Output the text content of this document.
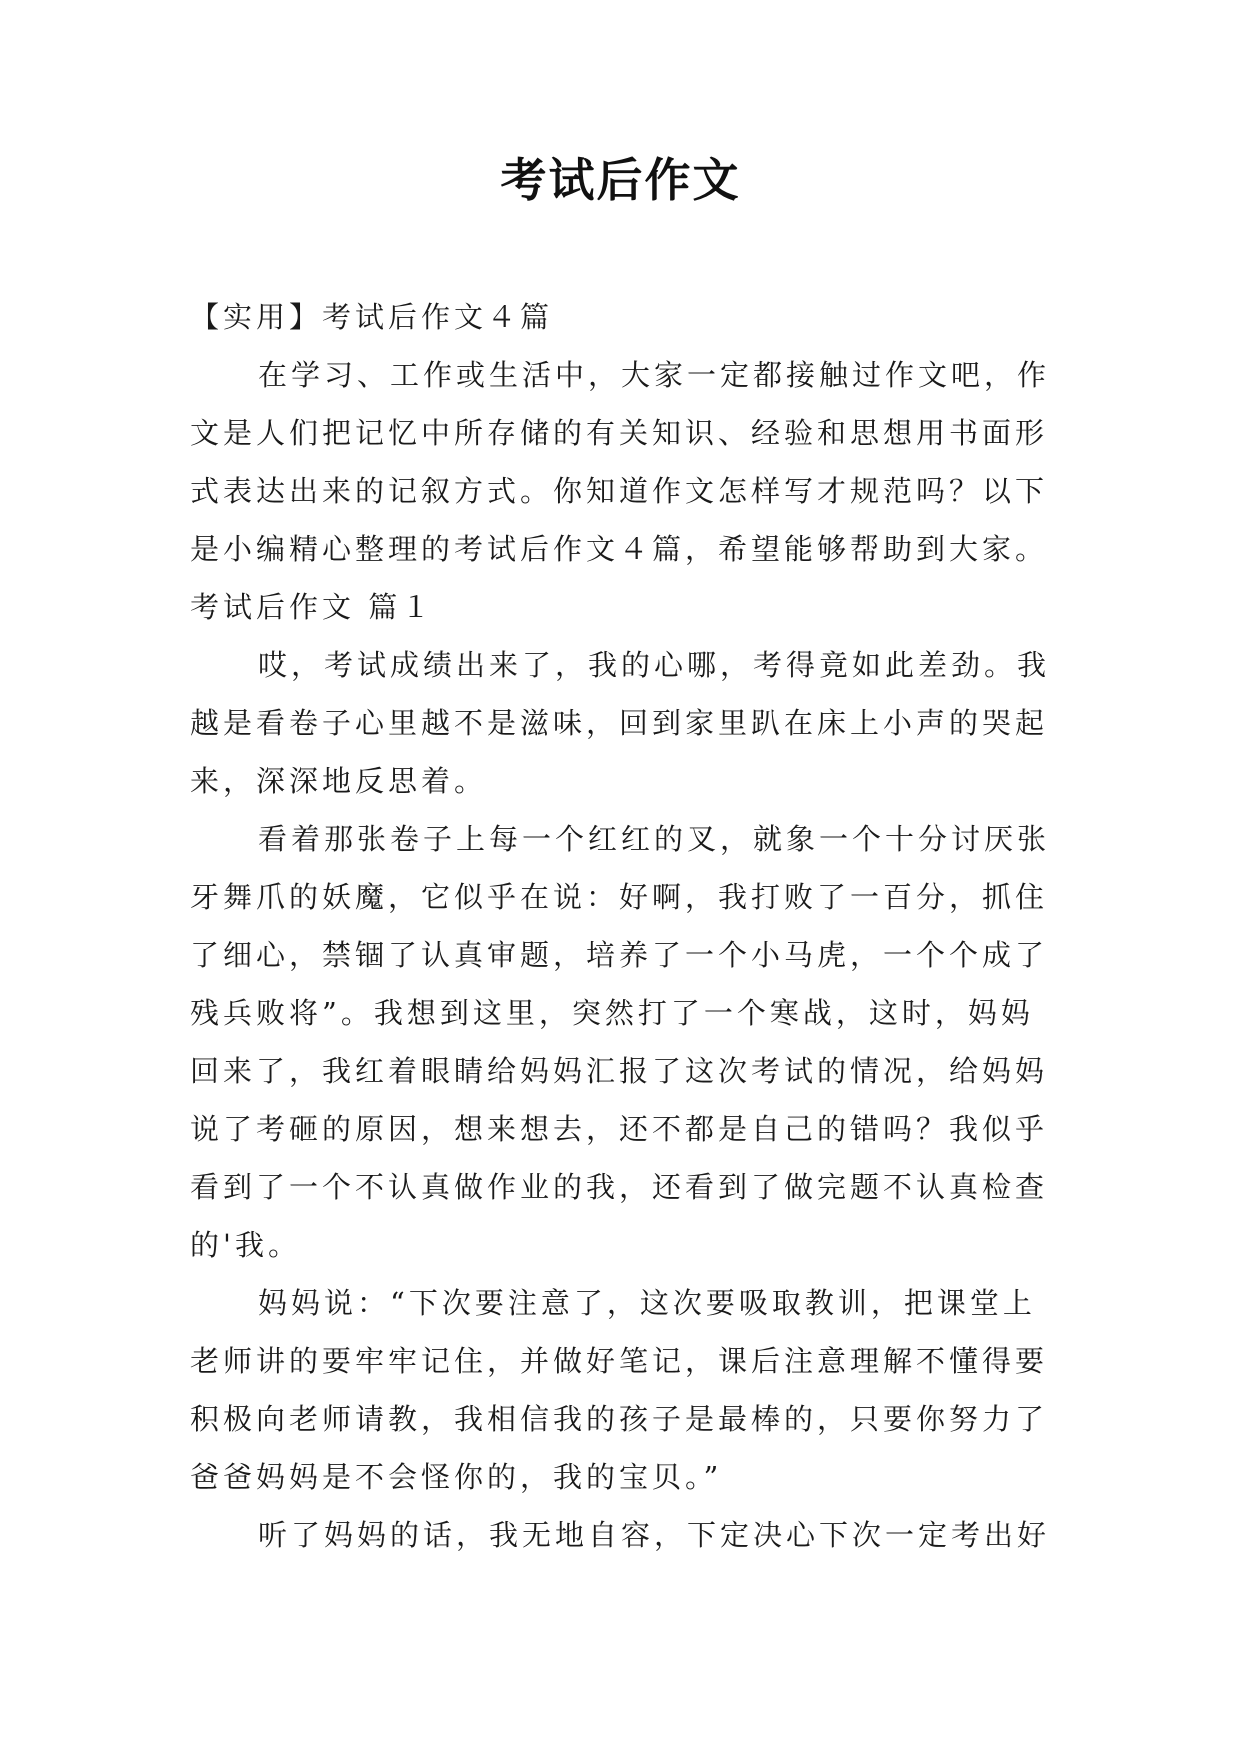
考试后作文

【实用】考试后作文４篇

在学习、工作或生活中，大家一定都接触过作文吧，作文是人们把记忆中所存储的有关知识、经验和思想用书面形式表达出来的记叙方式。你知道作文怎样写才规范吗？以下是小编精心整理的考试后作文４篇，希望能够帮助到大家。

考试后作文 篇１

哎，考试成绩出来了，我的心哪，考得竟如此差劲。我越是看卷子心里越不是滋味，回到家里趴在床上小声的哭起来，深深地反思着。

看着那张卷子上每一个红红的叉，就象一个十分讨厌张牙舞爪的妖魔，它似乎在说：好啊，我打败了一百分，抓住了细心，禁锢了认真审题，培养了一个小马虎，一个个成了残兵败将”。我想到这里，突然打了一个寒战，这时，妈妈回来了，我红着眼睛给妈妈汇报了这次考试的情况，给妈妈说了考砸的原因，想来想去，还不都是自己的错吗？我似乎看到了一个不认真做作业的我，还看到了做完题不认真检查的'我。

妈妈说：“下次要注意了，这次要吸取教训，把课堂上老师讲的要牢牢记住，并做好笔记，课后注意理解不懂得要积极向老师请教，我相信我的孩子是最棒的，只要你努力了爸爸妈妈是不会怪你的，我的宝贝。”

听了妈妈的话，我无地自容，下定决心下次一定考出好
